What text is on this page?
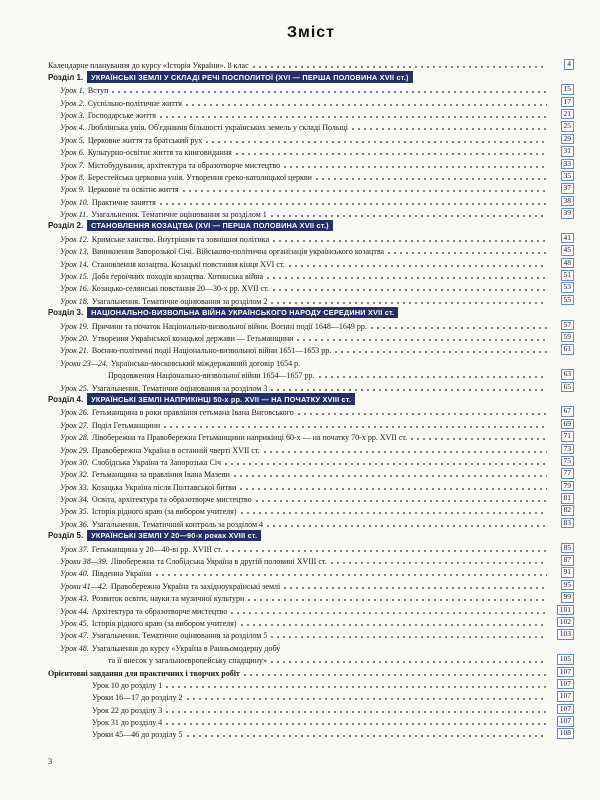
Зміст
Календарне планування до курсу «Історія України». 8 клас	4
Розділ 1.	УКРАЇНСЬКІ ЗЕМЛІ У СКЛАДІ РЕЧІ ПОСПОЛИТОЇ (XVI — ПЕРША ПОЛОВИНА XVII ст.)
Урок 1. Вступ	15
Урок 2. Суспільно-політичне життя	17
Урок 3. Господарське життя	21
Урок 4. Люблінська унія. Об'єднання більшості українських земель у складі Польщі	25
Урок 5. Церковне життя та братський рух	29
Урок 6. Культурно-освітнє життя та книговидання	31
Урок 7. Містобудування, архітектура та образотворче мистецтво	33
Урок 8. Берестейська церковна унія. Утворення греко-католицької церкви	35
Урок 9. Церковне та освітнє життя	37
Урок 10. Практичне заняття	38
Урок 11. Узагальнення. Тематичне оцінювання за розділом 1	39
Розділ 2.	СТАНОВЛЕННЯ КОЗАЦТВА (XVI — ПЕРША ПОЛОВИНА XVII ст.)
Урок 12. Кримське ханство. Внутрішня та зовнішня політика	41
Урок 13. Виникнення Запорозької Січі. Військово-політична організація українського козацтва	45
Урок 14. Становлення козацтва. Козацькі повстання кінця XVI ст.	48
Урок 15. Доба героїчних походів козацтва. Хотинська війна	51
Урок 16. Козацько-селянські повстання 20—30-х рр. XVII ст.	53
Урок 18. Узагальнення. Тематичне оцінювання за розділом 2	55
Розділ 3.	НАЦІОНАЛЬНО-ВИЗВОЛЬНА ВІЙНА УКРАЇНСЬКОГО НАРОДУ СЕРЕДИНИ XVII ст.
Урок 19. Причини та початок Національно-визвольної війни. Воєнні події 1648—1649 рр.	57
Урок 20. Утворення Української козацької держави — Гетьманщини	59
Урок 21. Воєнно-політичні події Національно-визвольної війни 1651—1653 рр.	61
Уроки 23—24. Українсько-московський міждержавний договір 1654 р.
Продовження Національно-визвольної війни 1654—1657 рр.	63
Урок 25. Узагальнення. Тематичне оцінювання за розділом 3	65
Розділ 4.	УКРАЇНСЬКІ ЗЕМЛІ НАПРИКІНЦІ 50-х рр. XVII — НА ПОЧАТКУ XVIII ст.
Урок 26. Гетьманщина в роки правління гетьмана Івана Виговського	67
Урок 27. Поділ Гетьманщини	69
Урок 28. Лівобережна та Правобережна Гетьманщини наприкінці 60-х — на початку 70-х рр. XVII ст.	71
Урок 29. Правобережна Україна в останній чверті XVII ст.	73
Урок 30. Слобідська Україна та Запорозька Січ	75
Урок 32. Гетьманщина за правління Івана Мазепи	77
Урок 33. Козацька Україна після Полтавської битви	79
Урок 34. Освіта, архітектура та образотворче мистецтво	81
Урок 35. Історія рідного краю (за вибором учителя)	82
Урок 36. Узагальнення. Тематичний контроль за розділом 4	83
Розділ 5.	УКРАЇНСЬКІ ЗЕМЛІ У 20—90-х роках XVIII ст.
Урок 37. Гетьманщина у 20—40-ві рр. XVIII ст.	85
Уроки 38—39. Лівобережна та Слобідська Україна в другій половині XVIII ст.	87
Урок 40. Південна Україна	91
Уроки 41—42. Правобережна Україна та західноукраїнські землі	95
Урок 43. Розвиток освіти, науки та музичної культури	99
Урок 44. Архітектура та образотворче мистецтво	101
Урок 45. Історія рідного краю (за вибором учителя)	102
Урок 47. Узагальнення. Тематичне оцінювання за розділом 5	103
Урок 48. Узагальнення до курсу «Україна в Ранньомодерну добу
та її внесок у загальноєвропейську спадщину»	105
Орієнтовні завдання для практичних і творчих робіт	107
Урок 10 до розділу 1	107
Уроки 16—17 до розділу 2	107
Урок 22 до розділу 3	107
Урок 31 до розділу 4	107
Уроки 45—46 до розділу 5	108
3
